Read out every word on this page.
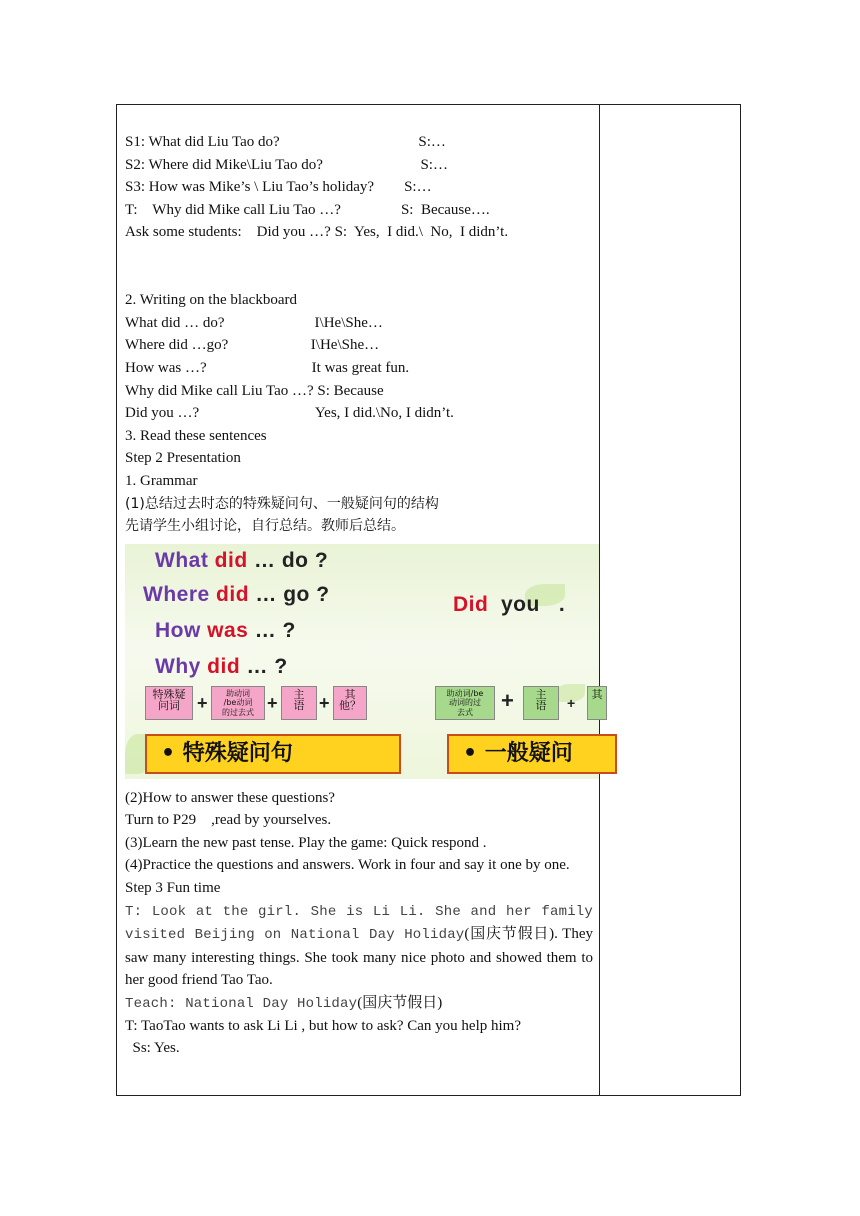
S1: What did Liu Tao do?                                     S:…
S2: Where did Mike\Liu Tao do?                          S:…
S3: How was Mike’s \ Liu Tao’s holiday?        S:…
T:    Why did Mike call Liu Tao …?                S:  Because….
Ask some students:    Did you …? S:  Yes,  I did.\  No,  I didn’t.
2. Writing on the blackboard
What did … do?                        I\He\She…
Where did …go?                      I\He\She…
How was …?                            It was great fun.
Why did Mike call Liu Tao …? S: Because
Did you …?                               Yes, I did.\No, I didn’t.
3. Read these sentences
Step 2 Presentation
1. Grammar
(1)总结过去时态的特殊疑问句、一般疑问句的结构
先请学生小组讨论，自行总结。教师后总结。
What did … do ?
Where did … go ?
How was … ?
Why did … ?
Did you .
特殊疑
问词 +	助动词
/be动词
的过去式 +	主
语 +	其
他？
助动词/be
动词的过
去式	+	主
语	+
其
• 特殊疑问句	• 一般疑问
(2)How to answer these questions?
Turn to P29    ,read by yourselves.
(3)Learn the new past tense. Play the game: Quick respond .
(4)Practice the questions and answers. Work in four and say it one by one.
Step 3 Fun time
T: Look at the girl. She is Li Li. She and her family visited Beijing on National Day Holiday(国庆节假日). They saw many interesting things. She took many nice photo and showed them to her good friend Tao Tao.
Teach: National Day Holiday(国庆节假日)
T: TaoTao wants to ask Li Li , but how to ask? Can you help him?
Ss: Yes.
